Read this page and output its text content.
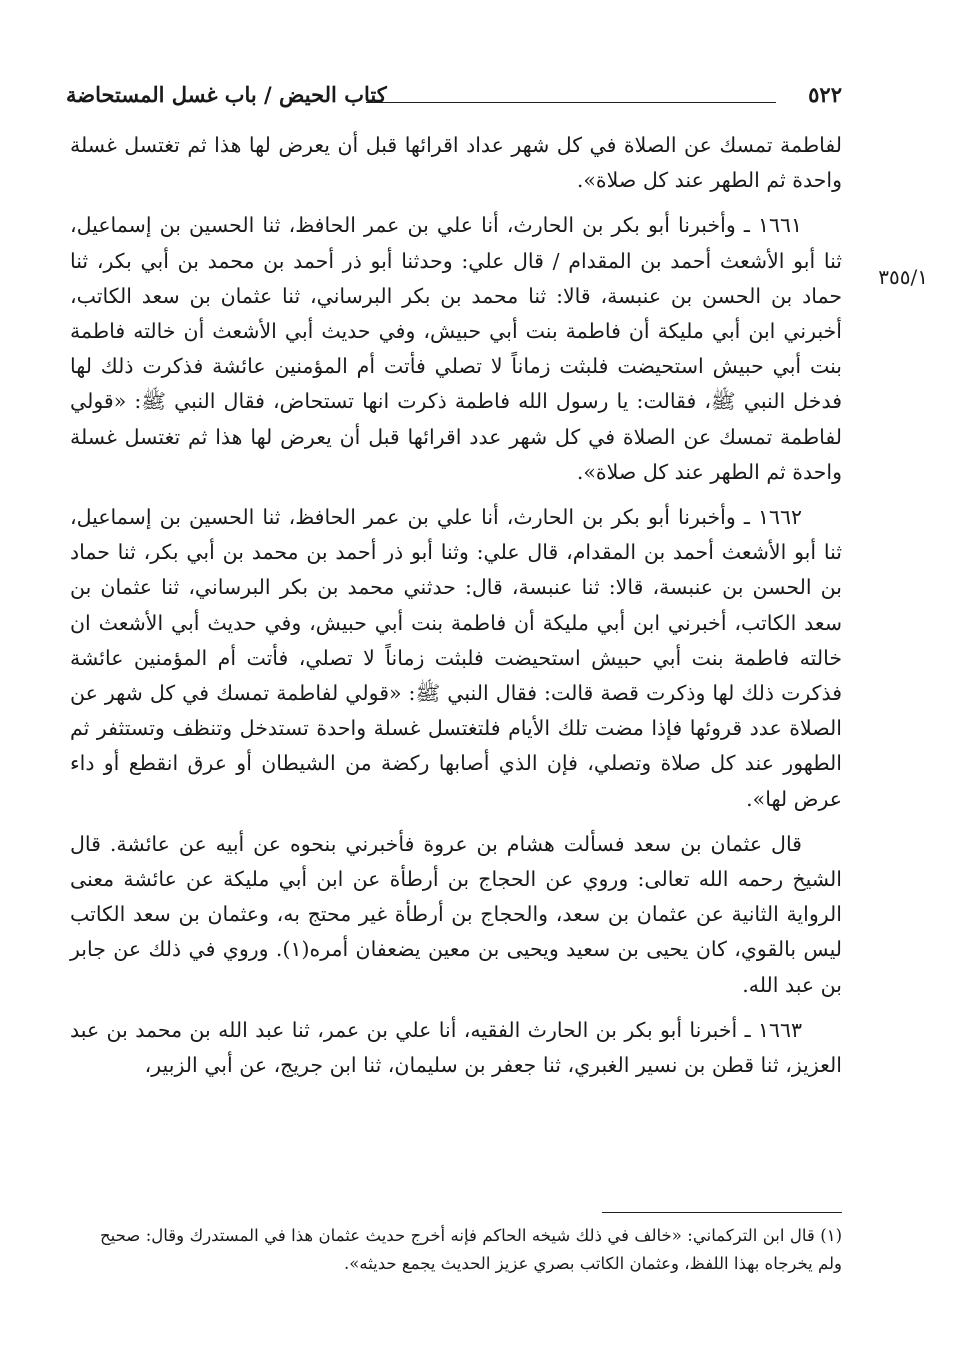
٥٢٢
كتاب الحيض / باب غسل المستحاضة
٣٥٥/١

لفاطمة تمسك عن الصلاة في كل شهر عداد اقرائها قبل أن يعرض لها هذا ثم تغتسل غسلة واحدة ثم الطهر عند كل صلاة».

١٦٦١ ـ وأخبرنا أبو بكر بن الحارث، أنا علي بن عمر الحافظ، ثنا الحسين بن إسماعيل، ثنا أبو الأشعث أحمد بن المقدام / قال علي: وحدثنا أبو ذر أحمد بن محمد بن أبي بكر، ثنا حماد بن الحسن بن عنبسة، قالا: ثنا محمد بن بكر البرساني، ثنا عثمان بن سعد الكاتب، أخبرني ابن أبي مليكة أن فاطمة بنت أبي حبيش، وفي حديث أبي الأشعث أن خالته فاطمة بنت أبي حبيش استحيضت فلبثت زماناً لا تصلي فأتت أم المؤمنين عائشة فذكرت ذلك لها فدخل النبي ﷺ، فقالت: يا رسول الله فاطمة ذكرت انها تستحاض، فقال النبي ﷺ: «قولي لفاطمة تمسك عن الصلاة في كل شهر عدد اقرائها قبل أن يعرض لها هذا ثم تغتسل غسلة واحدة ثم الطهر عند كل صلاة».

١٦٦٢ ـ وأخبرنا أبو بكر بن الحارث، أنا علي بن عمر الحافظ، ثنا الحسين بن إسماعيل، ثنا أبو الأشعث أحمد بن المقدام، قال علي: وثنا أبو ذر أحمد بن محمد بن أبي بكر، ثنا حماد بن الحسن بن عنبسة، قالا: ثنا عنبسة، قال: حدثني محمد بن بكر البرساني، ثنا عثمان بن سعد الكاتب، أخبرني ابن أبي مليكة أن فاطمة بنت أبي حبيش، وفي حديث أبي الأشعث ان خالته فاطمة بنت أبي حبيش استحيضت فلبثت زماناً لا تصلي، فأتت أم المؤمنين عائشة فذكرت ذلك لها وذكرت قصة قالت: فقال النبي ﷺ: «قولي لفاطمة تمسك في كل شهر عن الصلاة عدد قروئها فإذا مضت تلك الأيام فلتغتسل غسلة واحدة تستدخل وتنظف وتستثفر ثم الطهور عند كل صلاة وتصلي، فإن الذي أصابها ركضة من الشيطان أو عرق انقطع أو داء عرض لها».

قال عثمان بن سعد فسألت هشام بن عروة فأخبرني بنحوه عن أبيه عن عائشة. قال الشيخ رحمه الله تعالى: وروي عن الحجاج بن أرطأة عن ابن أبي مليكة عن عائشة معنى الرواية الثانية عن عثمان بن سعد، والحجاج بن أرطأة غير محتج به، وعثمان بن سعد الكاتب ليس بالقوي، كان يحيى بن سعيد ويحيى بن معين يضعفان أمره(١). وروي في ذلك عن جابر بن عبد الله.

١٦٦٣ ـ أخبرنا أبو بكر بن الحارث الفقيه، أنا علي بن عمر، ثنا عبد الله بن محمد بن عبد العزيز، ثنا قطن بن نسير الغبري، ثنا جعفر بن سليمان، ثنا ابن جريج، عن أبي الزبير،

(١) قال ابن التركماني: «خالف في ذلك شيخه الحاكم فإنه أخرج حديث عثمان هذا في المستدرك وقال: صحيح ولم يخرجاه بهذا اللفظ، وعثمان الكاتب بصري عزيز الحديث يجمع حديثه».
